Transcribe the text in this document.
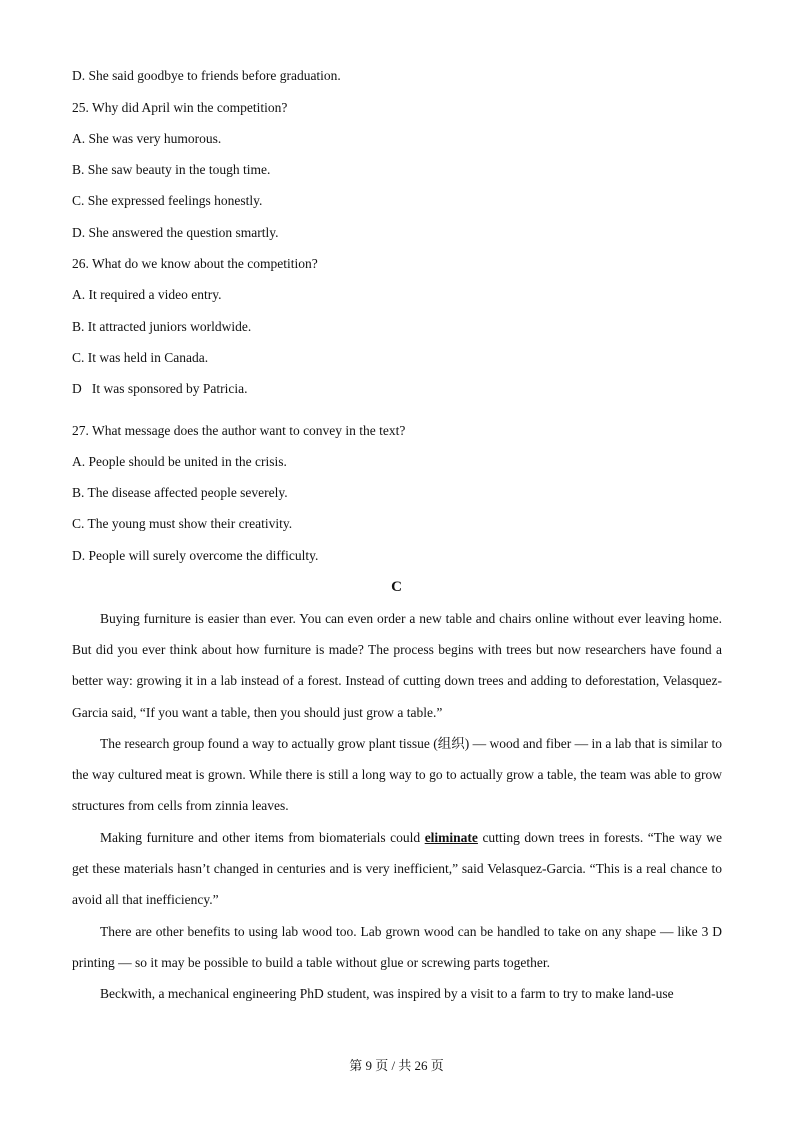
D. She said goodbye to friends before graduation.
25. Why did April win the competition?
A. She was very humorous.
B. She saw beauty in the tough time.
C. She expressed feelings honestly.
D. She answered the question smartly.
26. What do we know about the competition?
A. It required a video entry.
B. It attracted juniors worldwide.
C. It was held in Canada.
D   It was sponsored by Patricia.
27. What message does the author want to convey in the text?
A. People should be united in the crisis.
B. The disease affected people severely.
C. The young must show their creativity.
D. People will surely overcome the difficulty.
C
Buying furniture is easier than ever. You can even order a new table and chairs online without ever leaving home. But did you ever think about how furniture is made? The process begins with trees but now researchers have found a better way: growing it in a lab instead of a forest. Instead of cutting down trees and adding to deforestation, Velasquez-Garcia said, “If you want a table, then you should just grow a table.”
The research group found a way to actually grow plant tissue (组织) — wood and fiber — in a lab that is similar to the way cultured meat is grown. While there is still a long way to go to actually grow a table, the team was able to grow structures from cells from zinnia leaves.
Making furniture and other items from biomaterials could eliminate cutting down trees in forests. “The way we get these materials hasn’t changed in centuries and is very inefficient,” said Velasquez-Garcia. “This is a real chance to avoid all that inefficiency.”
There are other benefits to using lab wood too. Lab grown wood can be handled to take on any shape — like 3 D printing — so it may be possible to build a table without glue or screwing parts together.
Beckwith, a mechanical engineering PhD student, was inspired by a visit to a farm to try to make land-use
第 9 页 / 共 26 页
